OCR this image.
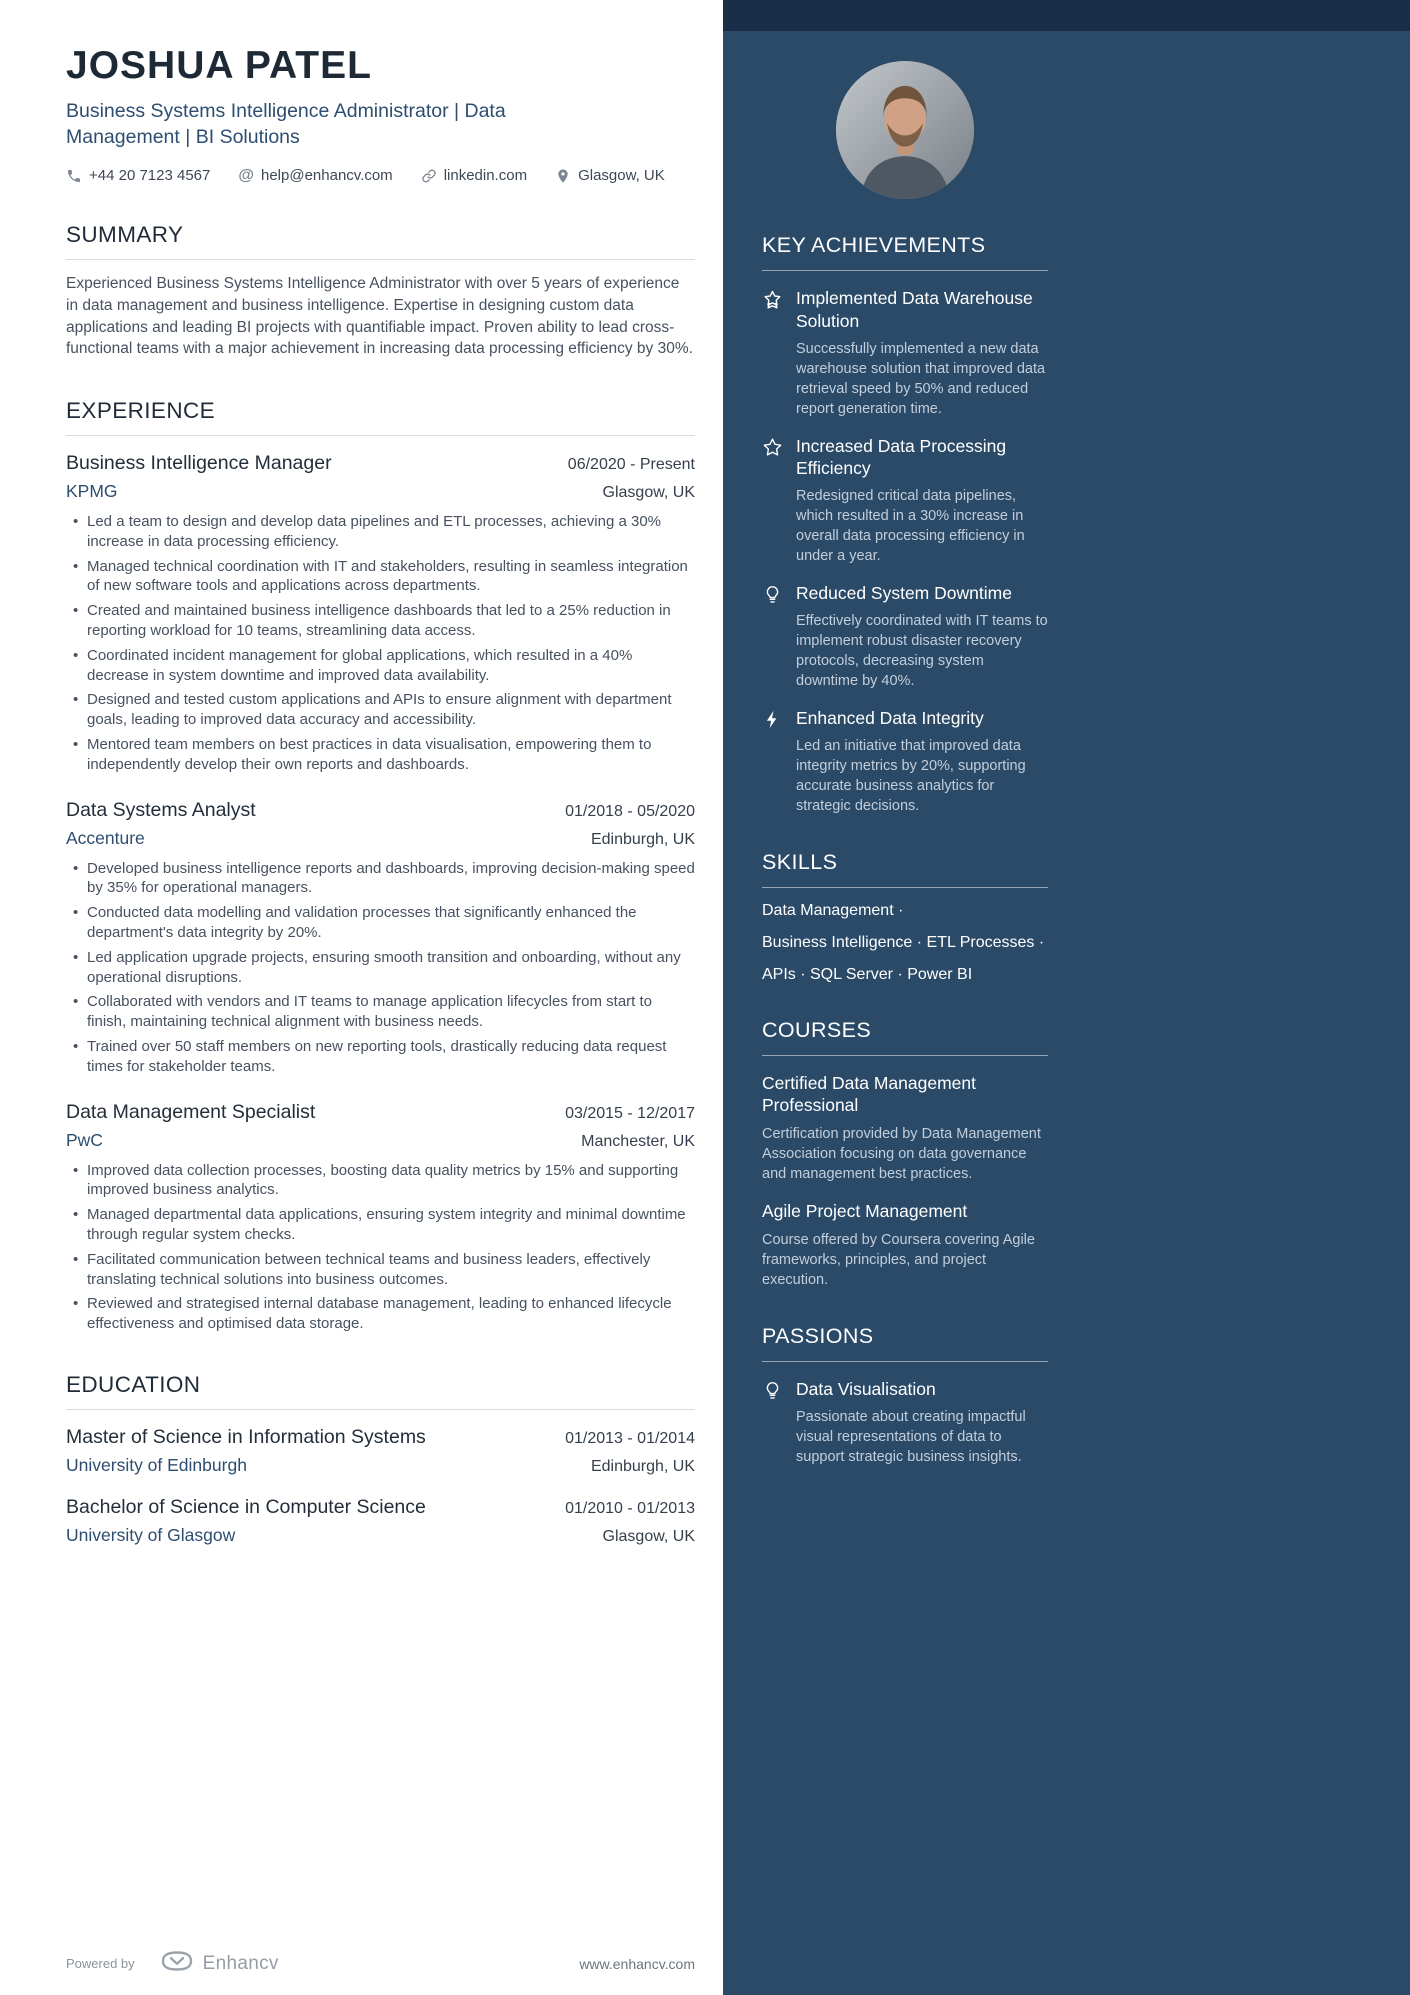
JOSHUA PATEL
Business Systems Intelligence Administrator | Data Management | BI Solutions
+44 20 7123 4567 @ help@enhancv.com	linkedin.com	Glasgow, UK
SUMMARY
Experienced Business Systems Intelligence Administrator with over 5 years of experience in data management and business intelligence. Expertise in designing custom data applications and leading BI projects with quantifiable impact. Proven ability to lead cross-functional teams with a major achievement in increasing data processing efficiency by 30%.
EXPERIENCE
Business Intelligence Manager	06/2020 - Present
KPMG	Glasgow, UK
• Led a team to design and develop data pipelines and ETL processes, achieving a 30% increase in data processing efficiency.
• Managed technical coordination with IT and stakeholders, resulting in seamless integration of new software tools and applications across departments.
• Created and maintained business intelligence dashboards that led to a 25% reduction in reporting workload for 10 teams, streamlining data access.
• Coordinated incident management for global applications, which resulted in a 40% decrease in system downtime and improved data availability.
• Designed and tested custom applications and APIs to ensure alignment with department goals, leading to improved data accuracy and accessibility.
• Mentored team members on best practices in data visualisation, empowering them to independently develop their own reports and dashboards.
Data Systems Analyst	01/2018 - 05/2020
Accenture	Edinburgh, UK
• Developed business intelligence reports and dashboards, improving decision-making speed by 35% for operational managers.
• Conducted data modelling and validation processes that significantly enhanced the department's data integrity by 20%.
• Led application upgrade projects, ensuring smooth transition and onboarding, without any operational disruptions.
• Collaborated with vendors and IT teams to manage application lifecycles from start to finish, maintaining technical alignment with business needs.
• Trained over 50 staff members on new reporting tools, drastically reducing data request times for stakeholder teams.
Data Management Specialist	03/2015 - 12/2017
PwC	Manchester, UK
• Improved data collection processes, boosting data quality metrics by 15% and supporting improved business analytics.
• Managed departmental data applications, ensuring system integrity and minimal downtime through regular system checks.
• Facilitated communication between technical teams and business leaders, effectively translating technical solutions into business outcomes.
• Reviewed and strategised internal database management, leading to enhanced lifecycle effectiveness and optimised data storage.
EDUCATION
Master of Science in Information Systems	01/2013 - 01/2014
University of Edinburgh	Edinburgh, UK
Bachelor of Science in Computer Science	01/2010 - 01/2013
University of Glasgow	Glasgow, UK
Powered by	Enhancv	www.enhancv.com
KEY ACHIEVEMENTS
Implemented Data Warehouse Solution
Successfully implemented a new data warehouse solution that improved data retrieval speed by 50% and reduced report generation time.
Increased Data Processing Efficiency
Redesigned critical data pipelines, which resulted in a 30% increase in overall data processing efficiency in under a year.
Reduced System Downtime
Effectively coordinated with IT teams to implement robust disaster recovery protocols, decreasing system downtime by 40%.
Enhanced Data Integrity
Led an initiative that improved data integrity metrics by 20%, supporting accurate business analytics for strategic decisions.
SKILLS
Data Management ·
Business Intelligence · ETL Processes ·
APIs · SQL Server · Power BI
COURSES
Certified Data Management Professional
Certification provided by Data Management Association focusing on data governance and management best practices.
Agile Project Management
Course offered by Coursera covering Agile frameworks, principles, and project execution.
PASSIONS
Data Visualisation
Passionate about creating impactful visual representations of data to support strategic business insights.
